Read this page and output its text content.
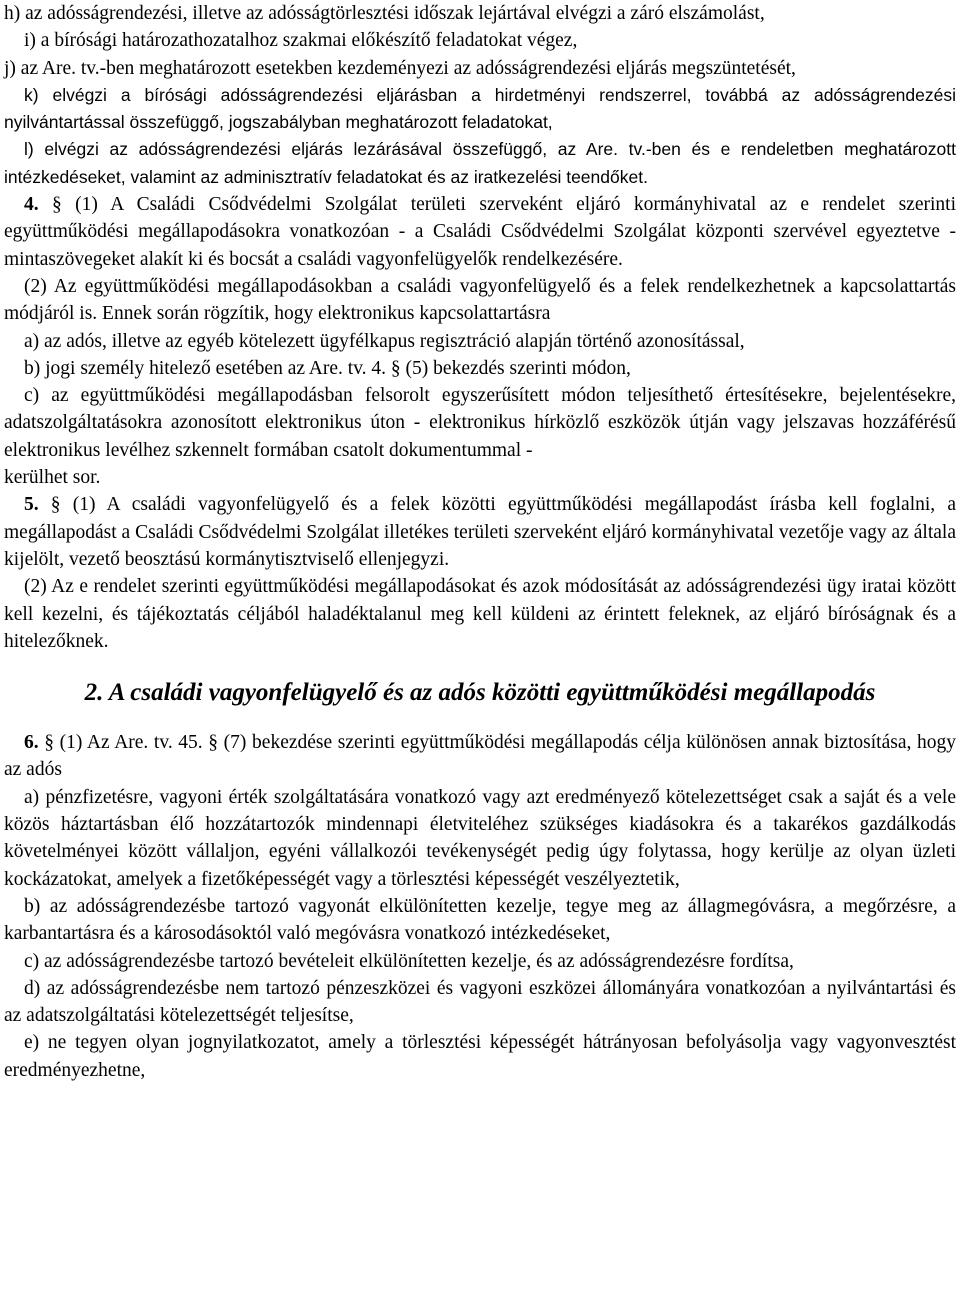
h) az adósságrendezési, illetve az adósságtörlesztési időszak lejártával elvégzi a záró elszámolást,

i) a bírósági határozathozatalhoz szakmai előkészítő feladatokat végez,

j) az Are. tv.-ben meghatározott esetekben kezdeményezi az adósságrendezési eljárás megszüntetését,

k) elvégzi a bírósági adósságrendezési eljárásban a hirdetményi rendszerrel, továbbá az adósságrendezési nyilvántartással összefüggő, jogszabályban meghatározott feladatokat,

l) elvégzi az adósságrendezési eljárás lezárásával összefüggő, az Are. tv.-ben és e rendeletben meghatározott intézkedéseket, valamint az adminisztratív feladatokat és az iratkezelési teendőket.

4. § (1) A Családi Csődvédelmi Szolgálat területi szerveként eljáró kormányhivatal az e rendelet szerinti együttműködési megállapodásokra vonatkozóan - a Családi Csődvédelmi Szolgálat központi szervével egyeztetve - mintaszövegeket alakít ki és bocsát a családi vagyonfelügyelők rendelkezésére.

(2) Az együttműködési megállapodásokban a családi vagyonfelügyelő és a felek rendelkezhetnek a kapcsolattartás módjáról is. Ennek során rögzítik, hogy elektronikus kapcsolattartásra

a) az adós, illetve az egyéb kötelezett ügyfélkapus regisztráció alapján történő azonosítással,

b) jogi személy hitelező esetében az Are. tv. 4. § (5) bekezdés szerinti módon,

c) az együttműködési megállapodásban felsorolt egyszerűsített módon teljesíthető értesítésekre, bejelentésekre, adatszolgáltatásokra azonosított elektronikus úton - elektronikus hírközlő eszközök útján vagy jelszavas hozzáférésű elektronikus levélhez szkennelt formában csatolt dokumentummal -

kerülhet sor.

5. § (1) A családi vagyonfelügyelő és a felek közötti együttműködési megállapodást írásba kell foglalni, a megállapodást a Családi Csődvédelmi Szolgálat illetékes területi szerveként eljáró kormányhivatal vezetője vagy az általa kijelölt, vezető beosztású kormánytisztviselő ellenjegyzi.

(2) Az e rendelet szerinti együttműködési megállapodásokat és azok módosítását az adósságrendezési ügy iratai között kell kezelni, és tájékoztatás céljából haladéktalanul meg kell küldeni az érintett feleknek, az eljáró bíróságnak és a hitelezőknek.

2. A családi vagyonfelügyelő és az adós közötti együttműködési megállapodás

6. § (1) Az Are. tv. 45. § (7) bekezdése szerinti együttműködési megállapodás célja különösen annak biztosítása, hogy az adós

a) pénzfizetésre, vagyoni érték szolgáltatására vonatkozó vagy azt eredményező kötelezettséget csak a saját és a vele közös háztartásban élő hozzátartozók mindennapi életviteléhez szükséges kiadásokra és a takarékos gazdálkodás követelményei között vállaljon, egyéni vállalkozói tevékenységét pedig úgy folytassa, hogy kerülje az olyan üzleti kockázatokat, amelyek a fizetőképességét vagy a törlesztési képességét veszélyeztetik,

b) az adósságrendezésbe tartozó vagyonát elkülönítetten kezelje, tegye meg az állagmegóvásra, a megőrzésre, a karbantartásra és a károsodásoktól való megóvásra vonatkozó intézkedéseket,

c) az adósságrendezésbe tartozó bevételeit elkülönítetten kezelje, és az adósságrendezésre fordítsa,

d) az adósságrendezésbe nem tartozó pénzeszközei és vagyoni eszközei állományára vonatkozóan a nyilvántartási és az adatszolgáltatási kötelezettségét teljesítse,

e) ne tegyen olyan jognyilatkozatot, amely a törlesztési képességét hátrányosan befolyásolja vagy vagyonvesztést eredményezhetne,
